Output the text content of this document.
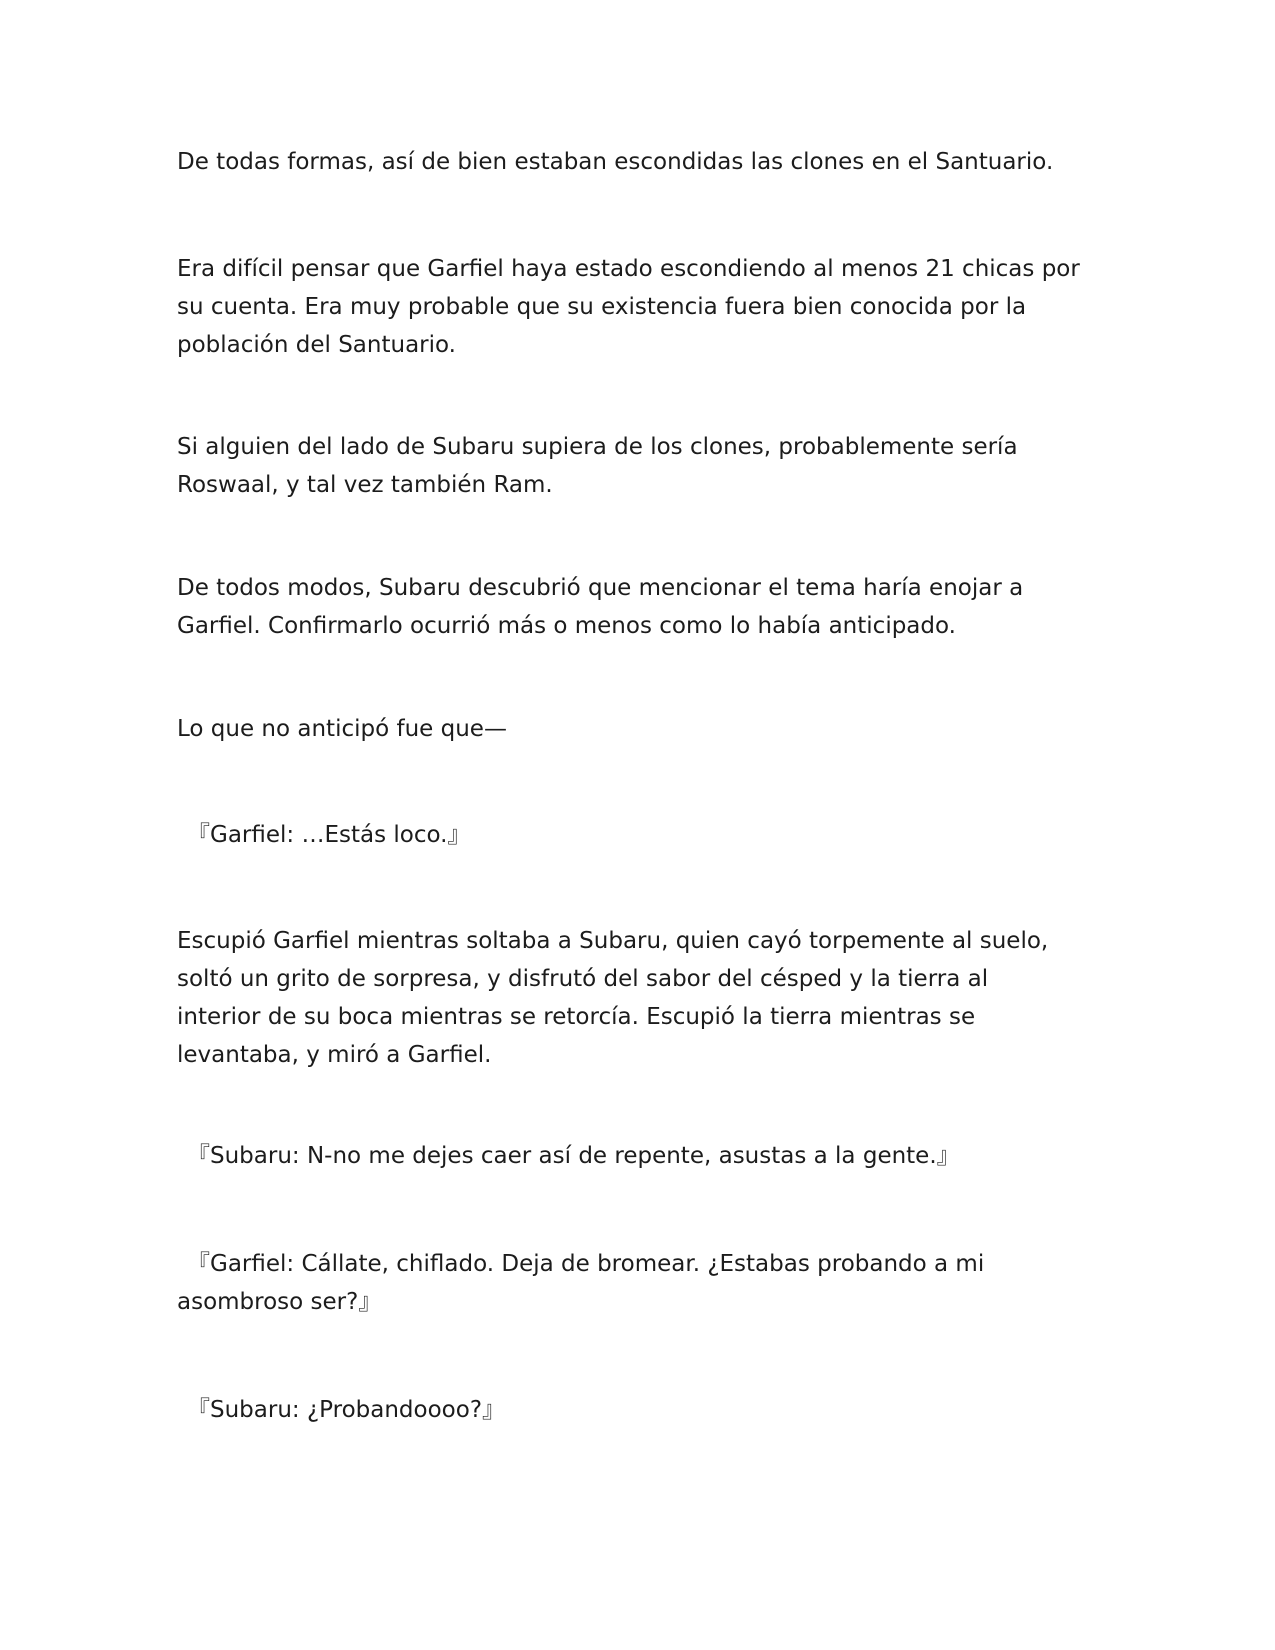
De todas formas, así de bien estaban escondidas las clones en el Santuario.

Era difícil pensar que Garfiel haya estado escondiendo al menos 21 chicas por
su cuenta. Era muy probable que su existencia fuera bien conocida por la
población del Santuario.

Si alguien del lado de Subaru supiera de los clones, probablemente sería
Roswaal, y tal vez también Ram.

De todos modos, Subaru descubrió que mencionar el tema haría enojar a
Garfiel. Confirmarlo ocurrió más o menos como lo había anticipado.

Lo que no anticipó fue que—

『Garfiel: …Estás loco.』

Escupió Garfiel mientras soltaba a Subaru, quien cayó torpemente al suelo,
soltó un grito de sorpresa, y disfrutó del sabor del césped y la tierra al
interior de su boca mientras se retorcía. Escupió la tierra mientras se
levantaba, y miró a Garfiel.

『Subaru: N-no me dejes caer así de repente, asustas a la gente.』

『Garfiel: Cállate, chiflado. Deja de bromear. ¿Estabas probando a mi
asombroso ser?』

『Subaru: ¿Probandoooo?』
